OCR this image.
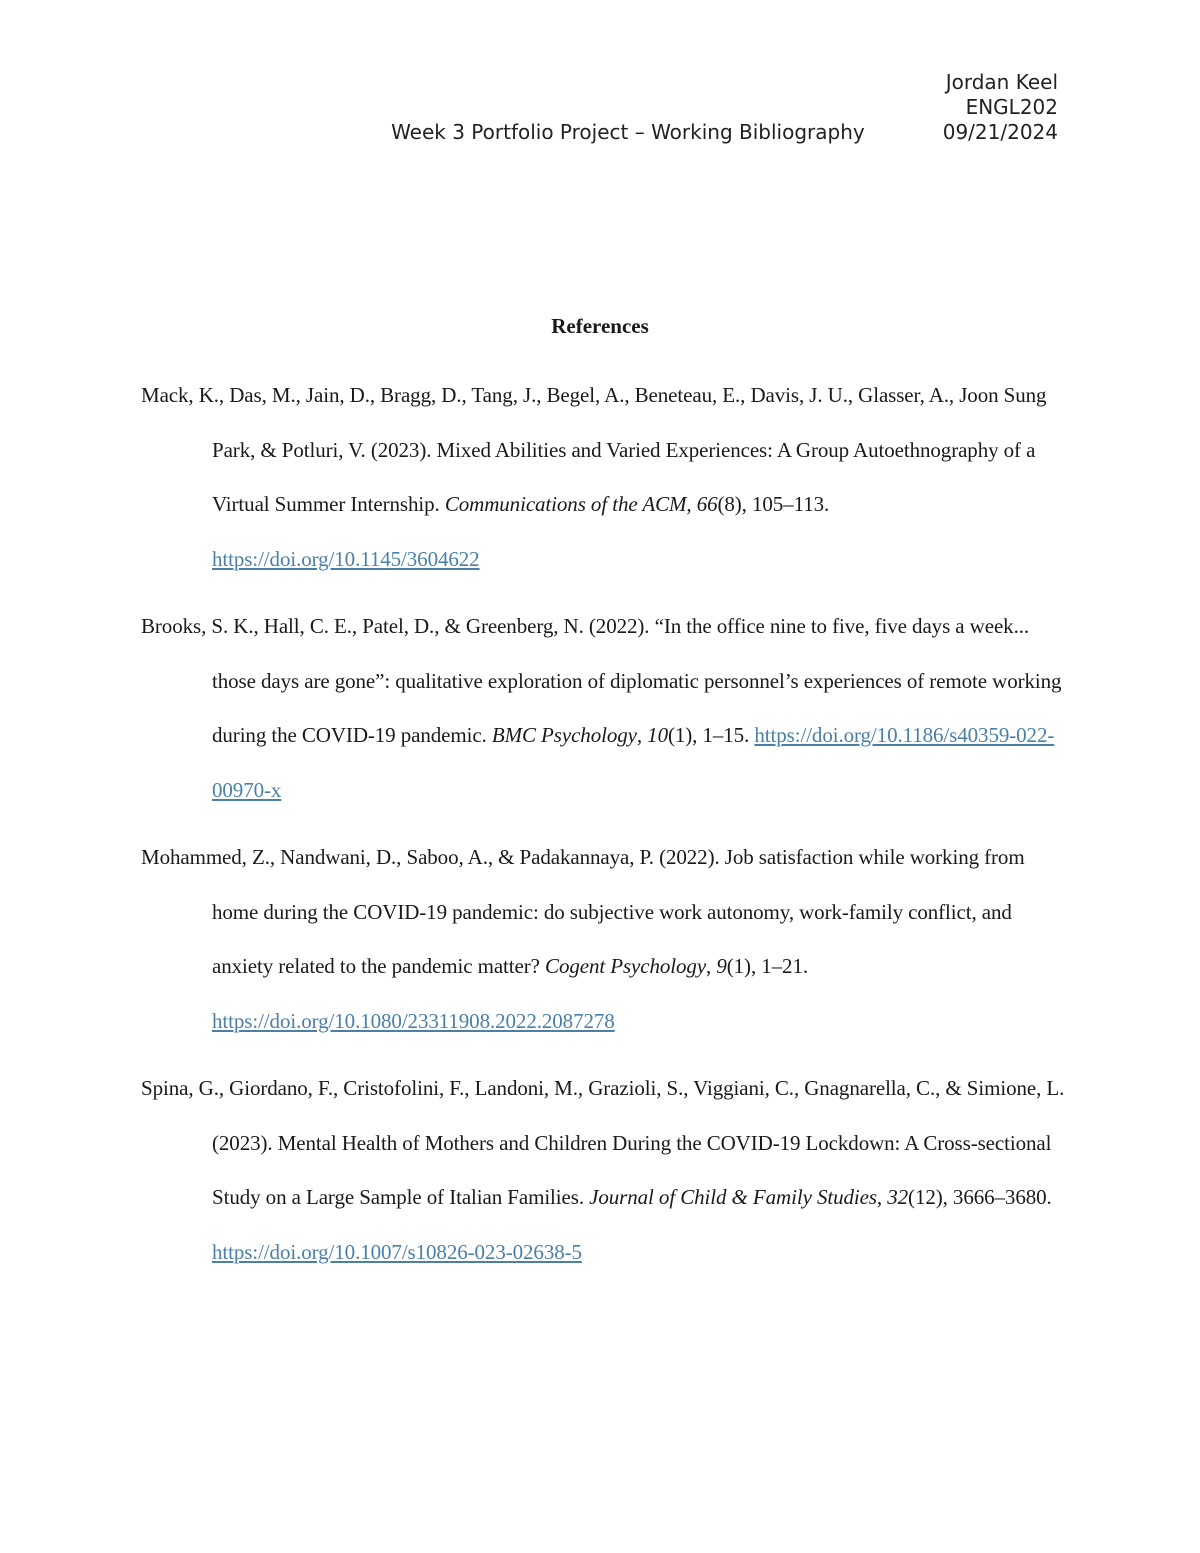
Jordan Keel
ENGL202
Week 3 Portfolio Project – Working Bibliography	09/21/2024
References
Mack, K., Das, M., Jain, D., Bragg, D., Tang, J., Begel, A., Beneteau, E., Davis, J. U., Glasser, A., Joon Sung Park, & Potluri, V. (2023). Mixed Abilities and Varied Experiences: A Group Autoethnography of a Virtual Summer Internship. Communications of the ACM, 66(8), 105–113. https://doi.org/10.1145/3604622
Brooks, S. K., Hall, C. E., Patel, D., & Greenberg, N. (2022). “In the office nine to five, five days a week... those days are gone”: qualitative exploration of diplomatic personnel’s experiences of remote working during the COVID-19 pandemic. BMC Psychology, 10(1), 1–15. https://doi.org/10.1186/s40359-022-00970-x
Mohammed, Z., Nandwani, D., Saboo, A., & Padakannaya, P. (2022). Job satisfaction while working from home during the COVID-19 pandemic: do subjective work autonomy, work-family conflict, and anxiety related to the pandemic matter? Cogent Psychology, 9(1), 1–21. https://doi.org/10.1080/23311908.2022.2087278
Spina, G., Giordano, F., Cristofolini, F., Landoni, M., Grazioli, S., Viggiani, C., Gnagnarella, C., & Simione, L. (2023). Mental Health of Mothers and Children During the COVID-19 Lockdown: A Cross-sectional Study on a Large Sample of Italian Families. Journal of Child & Family Studies, 32(12), 3666–3680. https://doi.org/10.1007/s10826-023-02638-5
